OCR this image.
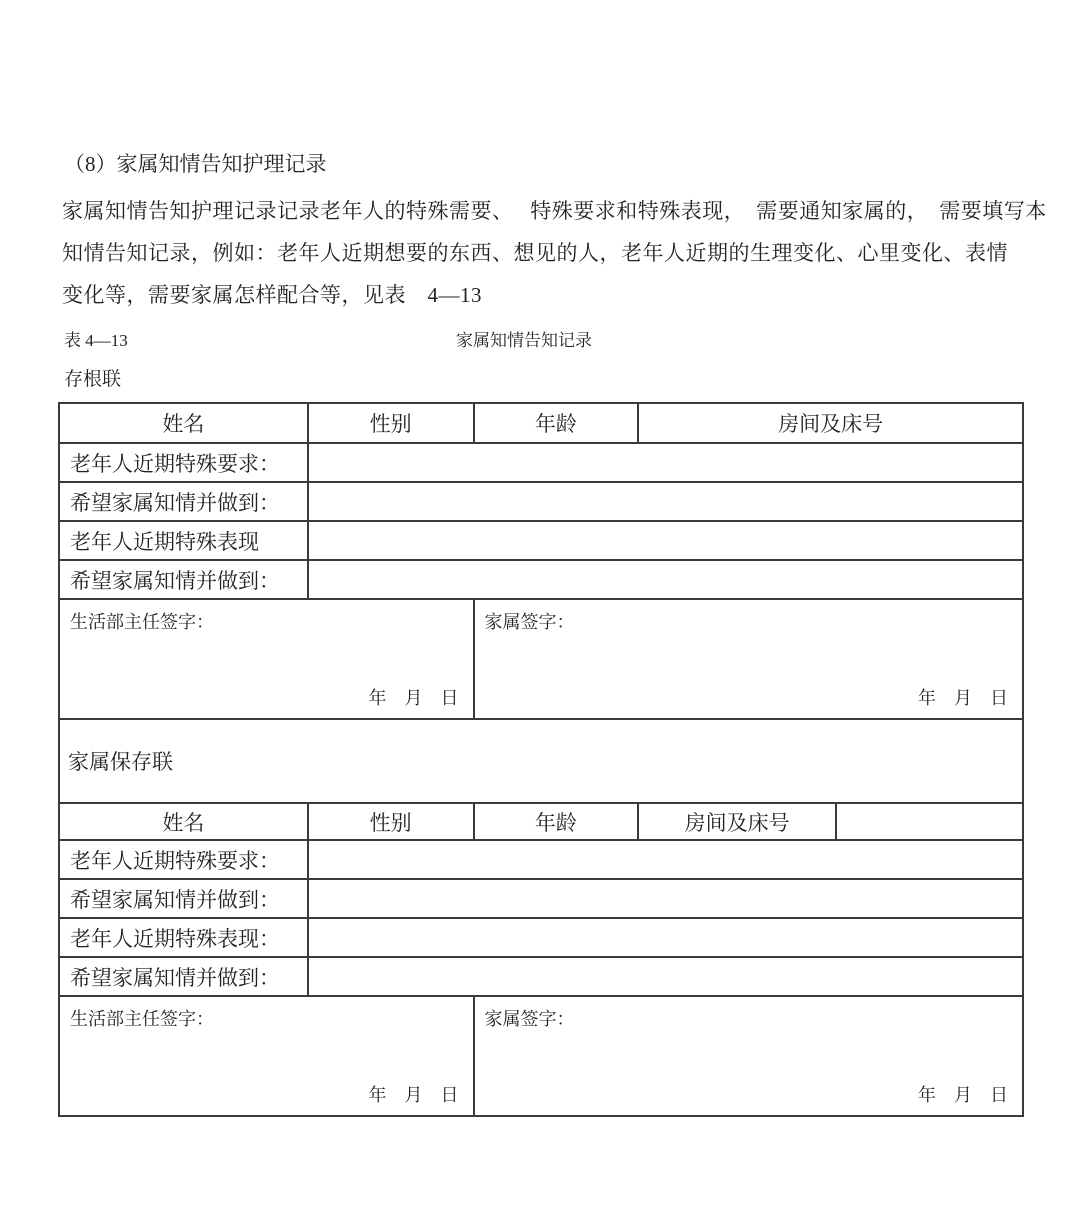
（8）家属知情告知护理记录
家属知情告知护理记录记录老年人的特殊需要、　 特殊要求和特殊表现，　需要通知家属的，　需要填写本
知情告知记录，例如：老年人近期想要的东西、想见的人，老年人近期的生理变化、心里变化、表情
变化等，需要家属怎样配合等，见表　4—13
表 4—13	家属知情告知记录
存根联
姓名	性别	年龄	房间及床号	
老年人近期特殊要求：				
希望家属知情并做到：				
老年人近期特殊表现				
希望家属知情并做到：				

生活部主任签字：
年　月　日

家属签字：
年　月　日

家属保存联				
姓名	性别	年龄	房间及床号	
老年人近期特殊要求：				
希望家属知情并做到：				
老年人近期特殊表现：				
希望家属知情并做到：				

生活部主任签字：
年　月　日

家属签字：
年　月　日
